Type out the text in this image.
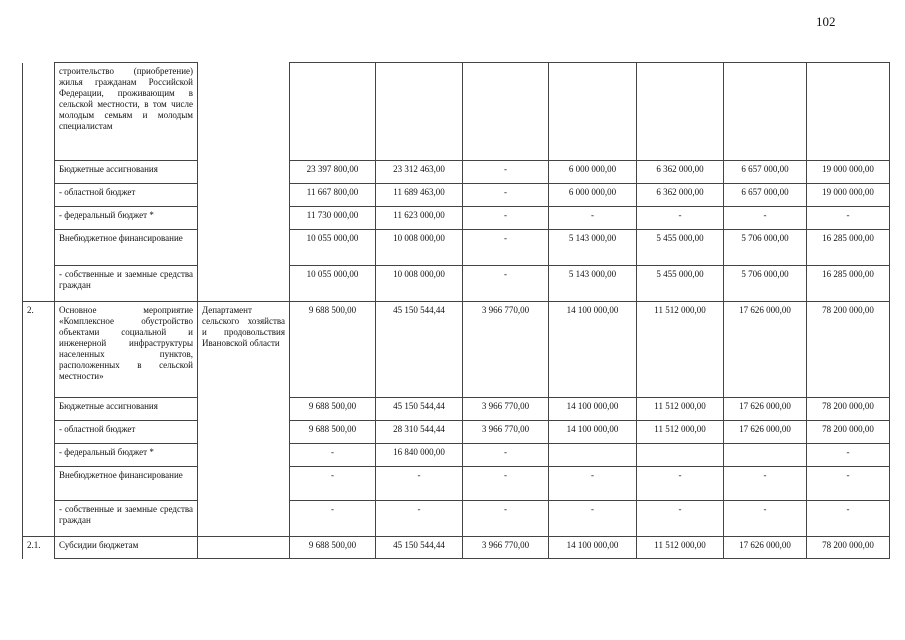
102
	строительство (приобретение) жилья гражданам Российской Федерации, проживающим в сельской местности, в том числе молодым семьям и молодым специалистам								
	Бюджетные ассигнования		23 397 800,00	23 312 463,00	-	6 000 000,00	6 362 000,00	6 657 000,00	19 000 000,00
	- областной бюджет		11 667 800,00	11 689 463,00	-	6 000 000,00	6 362 000,00	6 657 000,00	19 000 000,00
	- федеральный бюджет *		11 730 000,00	11 623 000,00	-	-	-	-	-
	Внебюджетное финансирование		10 055 000,00	10 008 000,00	-	5 143 000,00	5 455 000,00	5 706 000,00	16 285 000,00
	- собственные и заемные средства граждан		10 055 000,00	10 008 000,00	-	5 143 000,00	5 455 000,00	5 706 000,00	16 285 000,00
2.	Основное мероприятие «Комплексное обустройство объектами социальной и инженерной инфраструктуры населенных пунктов, расположенных в сельской местности»	Департамент сельского хозяйства и продовольствия Ивановской области	9 688 500,00	45 150 544,44	3 966 770,00	14 100 000,00	11 512 000,00	17 626 000,00	78 200 000,00
	Бюджетные ассигнования		9 688 500,00	45 150 544,44	3 966 770,00	14 100 000,00	11 512 000,00	17 626 000,00	78 200 000,00
	- областной бюджет		9 688 500,00	28 310 544,44	3 966 770,00	14 100 000,00	11 512 000,00	17 626 000,00	78 200 000,00
	- федеральный бюджет *		-	16 840 000,00	-				-
	Внебюджетное финансирование		-	-	-	-	-	-	-
	- собственные и заемные средства граждан		-	-	-	-	-	-	-
2.1.	Субсидии бюджетам		9 688 500,00	45 150 544,44	3 966 770,00	14 100 000,00	11 512 000,00	17 626 000,00	78 200 000,00
